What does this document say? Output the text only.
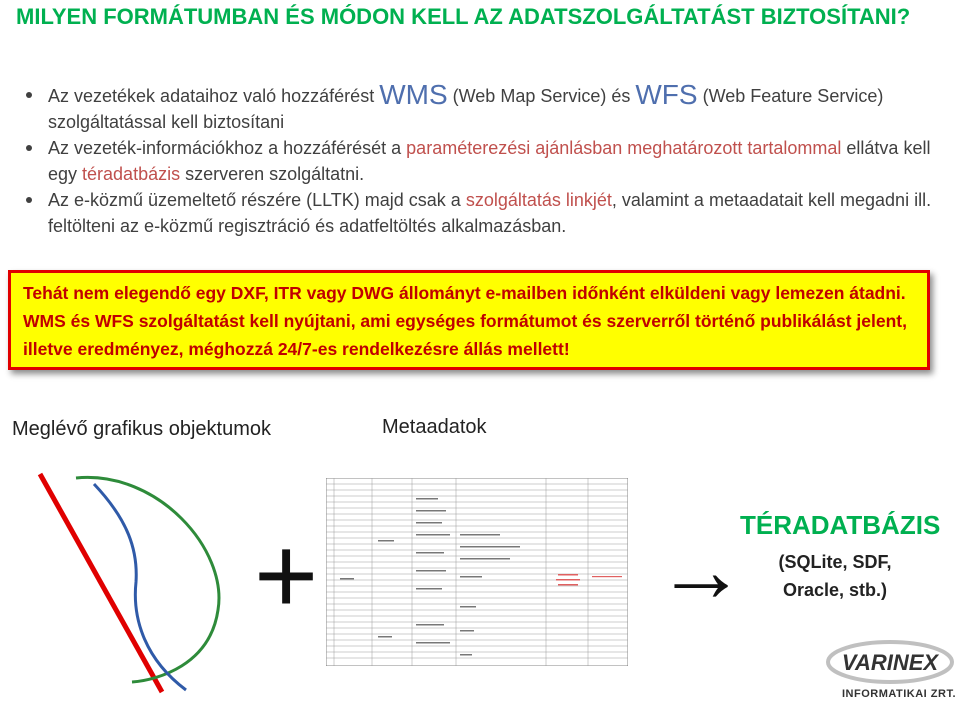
MILYEN FORMÁTUMBAN ÉS MÓDON KELL AZ ADATSZOLGÁLTATÁST BIZTOSÍTANI?
Az vezetékek adataihoz való hozzáférést WMS (Web Map Service) és WFS (Web Feature Service) szolgáltatással kell biztosítani
Az vezeték-információkhoz a hozzáférését a paraméterezési ajánlásban meghatározott tartalommal ellátva kell egy téradatbázis szerveren szolgáltatni.
Az e-közmű üzemeltető részére (LLTK) majd csak a szolgáltatás linkjét, valamint a metaadatait kell megadni ill. feltölteni az e-közmű regisztráció és adatfeltöltés alkalmazásban.
Tehát nem elegendő egy DXF, ITR vagy DWG állományt e-mailben időnként elküldeni vagy lemezen átadni. WMS és WFS szolgáltatást kell nyújtani, ami egységes formátumot és szerverről történő publikálást jelent, illetve eredményez, méghozzá 24/7-es rendelkezésre állás mellett!
Meglévő grafikus objektumok	Metaadatok
+	→
TÉRADATBÁZIS
(SQLite, SDF,
Oracle, stb.)
VARINEX
INFORMATIKAI ZRT.
